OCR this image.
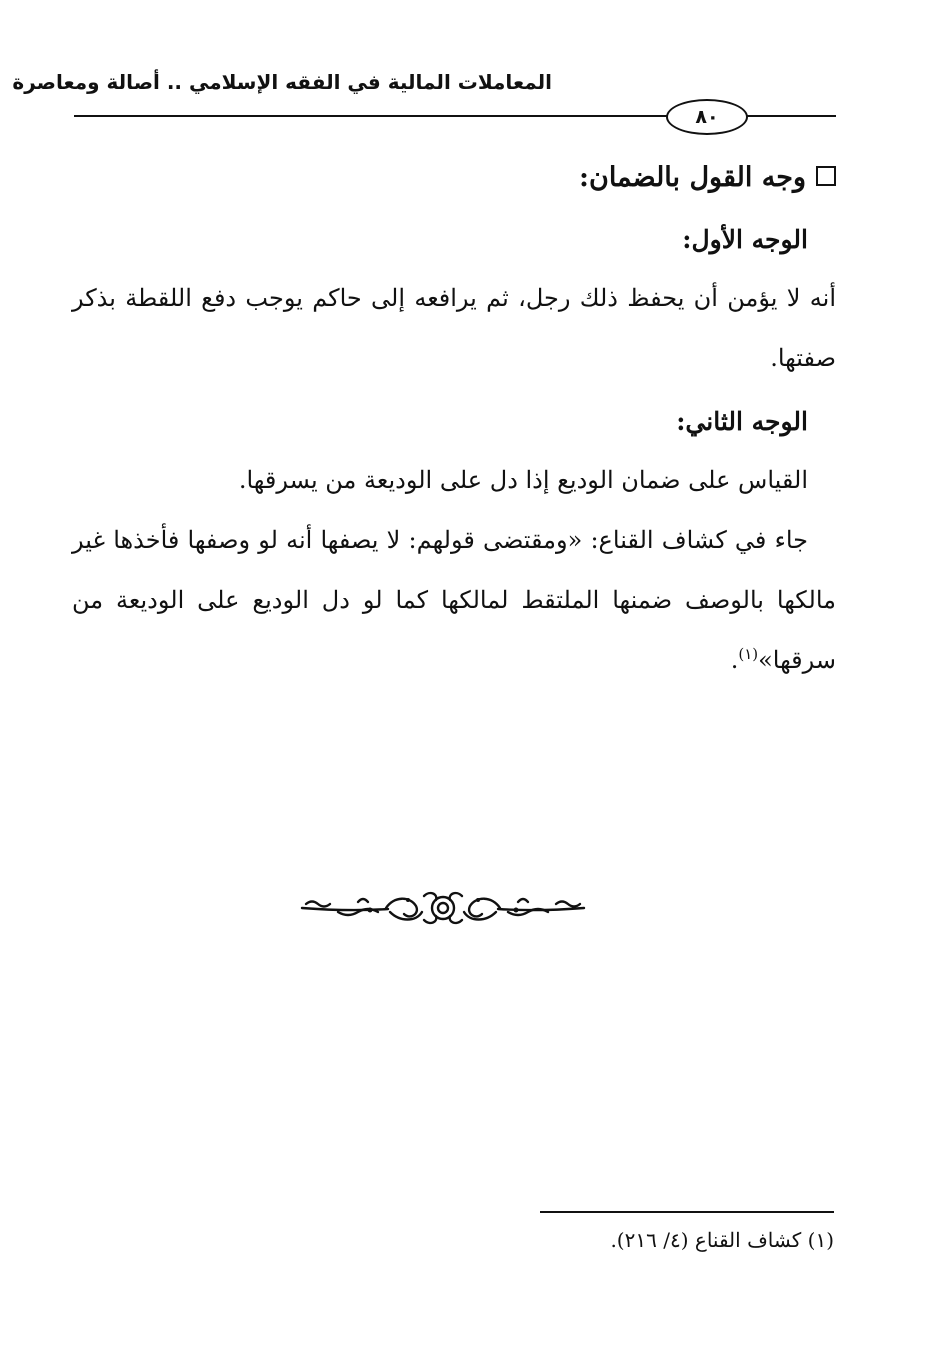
المعاملات المالية في الفقه الإسلامي .. أصالة ومعاصرة
٨٠
وجه القول بالضمان:
الوجه الأول:

أنه لا يؤمن أن يحفظ ذلك رجل، ثم يرافعه إلى حاكم يوجب دفع اللقطة بذكر صفتها.

الوجه الثاني:

القياس على ضمان الوديع إذا دل على الوديعة من يسرقها.

جاء في كشاف القناع: «ومقتضى قولهم: لا يصفها أنه لو وصفها فأخذها غير مالكها بالوصف ضمنها الملتقط لمالكها كما لو دل الوديع على الوديعة من سرقها»$^{(١)}$.

(١) كشاف القناع (٤/ ٢١٦).
